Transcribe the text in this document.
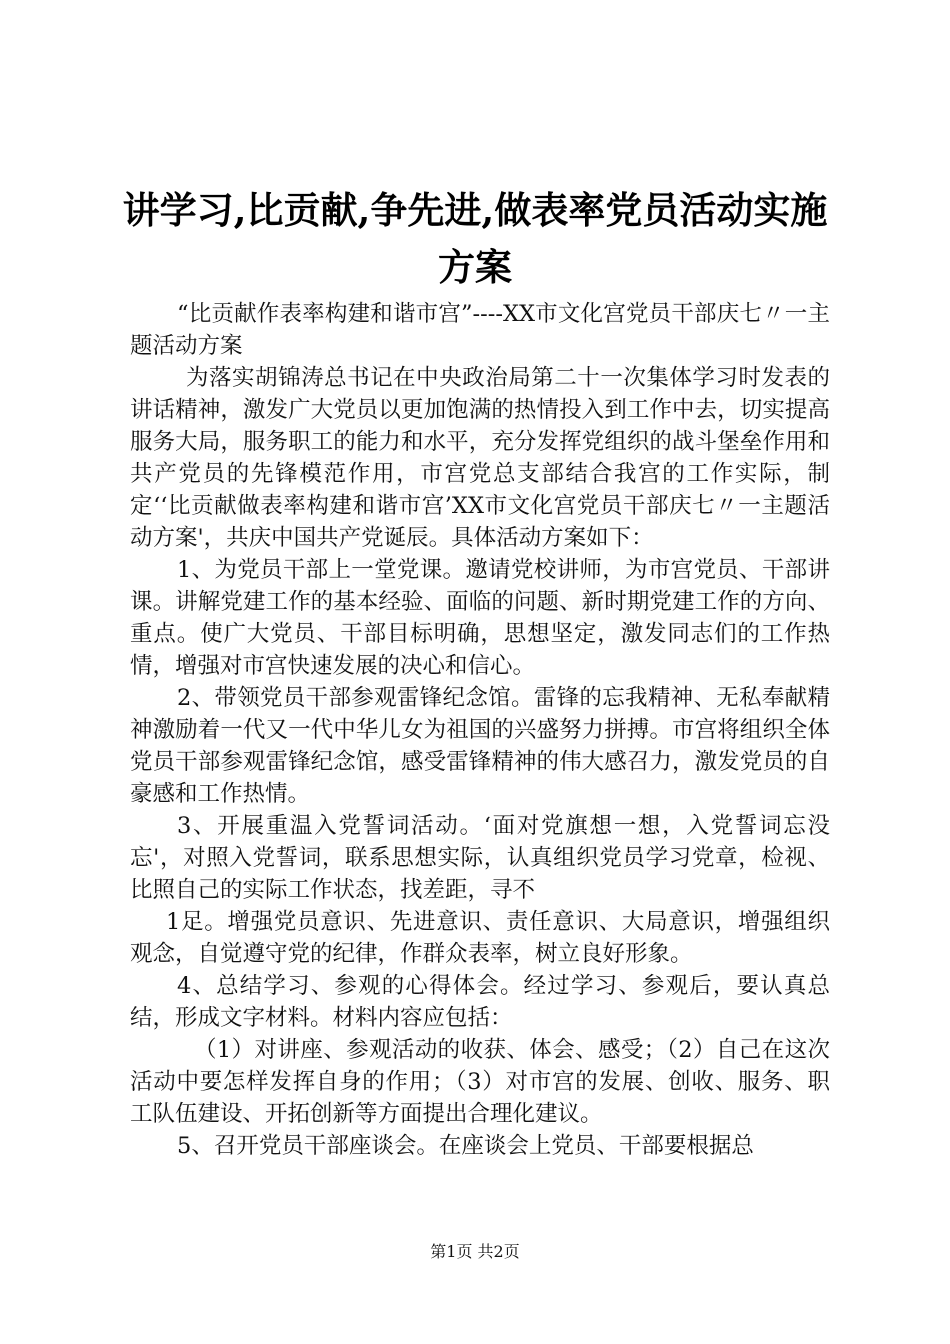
讲学习,比贡献,争先进,做表率党员活动实施
方案

“比贡献作表率构建和谐市宫”----XX市文化宫党员干部庆七〃一主题活动方案

为落实胡锦涛总书记在中央政治局第二十一次集体学习时发表的讲话精神，激发广大党员以更加饱满的热情投入到工作中去，切实提高服务大局，服务职工的能力和水平，充分发挥党组织的战斗堡垒作用和共产党员的先锋模范作用，市宫党总支部结合我宫的工作实际，制定‘‘比贡献做表率构建和谐市宫’XX市文化宫党员干部庆七〃一主题活动方案'，共庆中国共产党诞辰。具体活动方案如下：

1、为党员干部上一堂党课。邀请党校讲师，为市宫党员、干部讲课。讲解党建工作的基本经验、面临的问题、新时期党建工作的方向、重点。使广大党员、干部目标明确，思想坚定，激发同志们的工作热情，增强对市宫快速发展的决心和信心。

2、带领党员干部参观雷锋纪念馆。雷锋的忘我精神、无私奉献精神激励着一代又一代中华儿女为祖国的兴盛努力拼搏。市宫将组织全体党员干部参观雷锋纪念馆，感受雷锋精神的伟大感召力，激发党员的自豪感和工作热情。

3、开展重温入党誓词活动。‘面对党旗想一想，入党誓词忘没忘'，对照入党誓词，联系思想实际，认真组织党员学习党章，检视、比照自己的实际工作状态，找差距，寻不

1足。增强党员意识、先进意识、责任意识、大局意识，增强组织观念，自觉遵守党的纪律，作群众表率，树立良好形象。

4、总结学习、参观的心得体会。经过学习、参观后，要认真总结，形成文字材料。材料内容应包括：

（1）对讲座、参观活动的收获、体会、感受；（2）自己在这次活动中要怎样发挥自身的作用；（3）对市宫的发展、创收、服务、职工队伍建设、开拓创新等方面提出合理化建议。

5、召开党员干部座谈会。在座谈会上党员、干部要根据总

第1页 共2页
